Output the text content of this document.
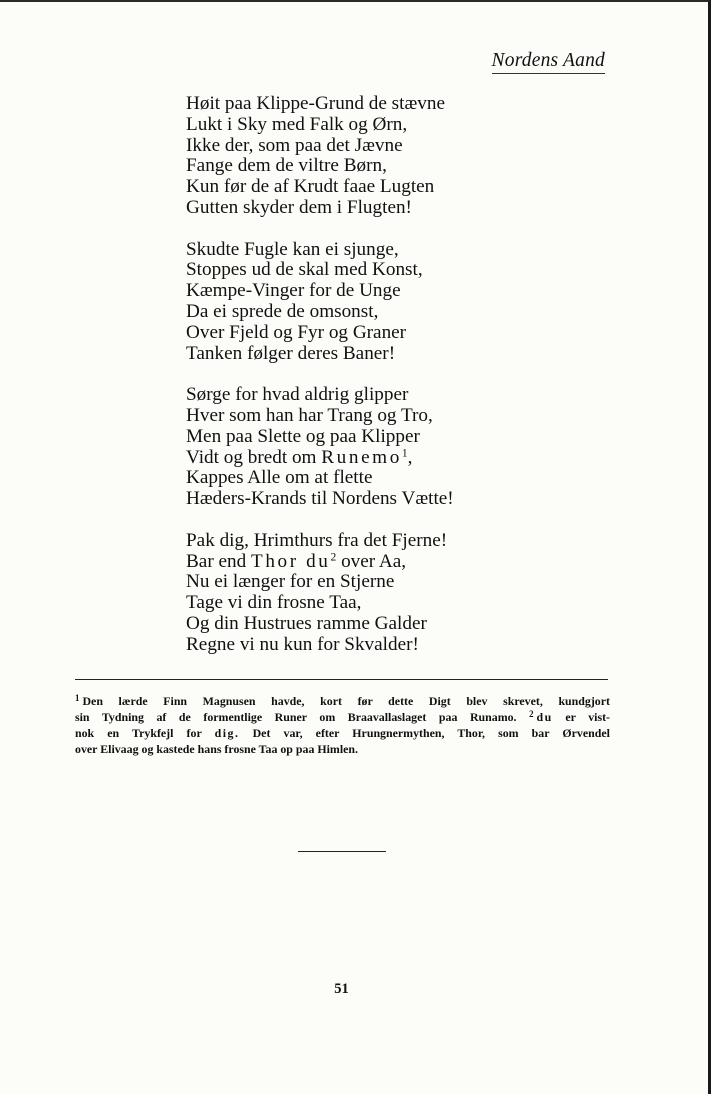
Nordens Aand
Høit paa Klippe-Grund de stævne
Lukt i Sky med Falk og Ørn,
Ikke der, som paa det Jævne
Fange dem de viltre Børn,
Kun før de af Krudt faae Lugten
Gutten skyder dem i Flugten!
Skudte Fugle kan ei sjunge,
Stoppes ud de skal med Konst,
Kæmpe-Vinger for de Unge
Da ei sprede de omsonst,
Over Fjeld og Fyr og Graner
Tanken følger deres Baner!
Sørge for hvad aldrig glipper
Hver som han har Trang og Tro,
Men paa Slette og paa Klipper
Vidt og bredt om Runemo$^1$,
Kappes Alle om at flette
Hæders-Krands til Nordens Vætte!
Pak dig, Hrimthurs fra det Fjerne!
Bar end Thor $du^2$ over Aa,
Nu ei længer for en Stjerne
Tage vi din frosne Taa,
Og din Hustrues ramme Galder
Regne vi nu kun for Skvalder!
$^1$ Den lærde Finn Magnusen havde, kort før dette Digt blev skrevet, kundgjort
sin Tydning af de formentlige Runer om Braavallaslaget paa Runamo. $^2$ du er vist-
nok en Trykfejl for dig. Det var, efter Hrungnermythen, Thor, som bar Ørvendel
over Elivaag og kastede hans frosne Taa op paa Himlen.
51
